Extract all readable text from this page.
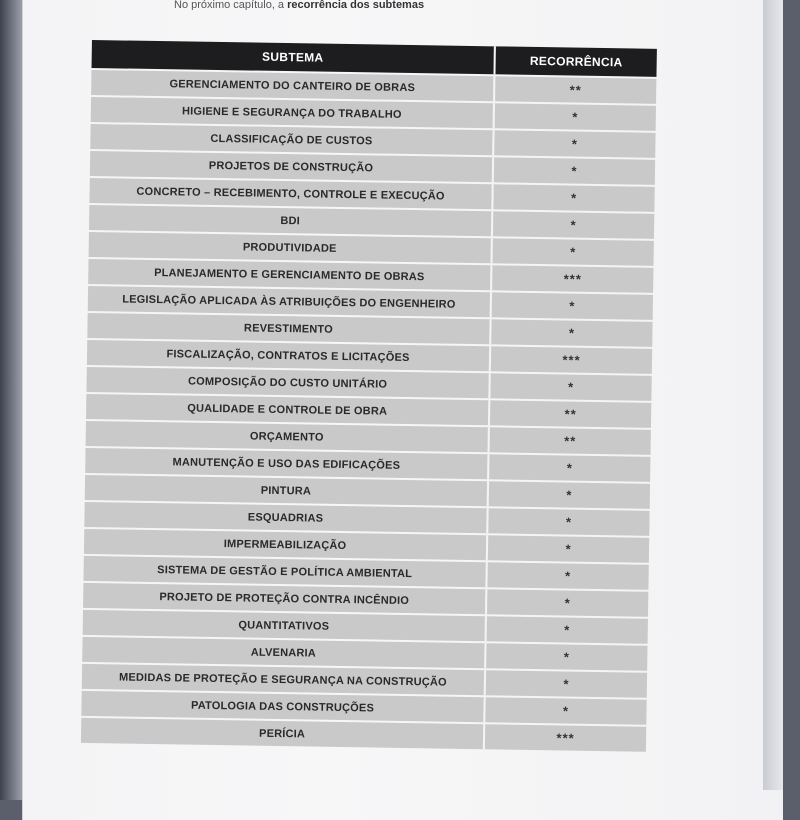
No próximo capítulo, a recorrência dos subtemas
SUBTEMA	RECORRÊNCIA
GERENCIAMENTO DO CANTEIRO DE OBRAS	**
HIGIENE E SEGURANÇA DO TRABALHO	*
CLASSIFICAÇÃO DE CUSTOS	*
PROJETOS DE CONSTRUÇÃO	*
CONCRETO – RECEBIMENTO, CONTROLE E EXECUÇÃO	*
BDI	*
PRODUTIVIDADE	*
PLANEJAMENTO E GERENCIAMENTO DE OBRAS	***
LEGISLAÇÃO APLICADA ÀS ATRIBUIÇÕES DO ENGENHEIRO	*
REVESTIMENTO	*
FISCALIZAÇÃO, CONTRATOS E LICITAÇÕES	***
COMPOSIÇÃO DO CUSTO UNITÁRIO	*
QUALIDADE E CONTROLE DE OBRA	**
ORÇAMENTO	**
MANUTENÇÃO E USO DAS EDIFICAÇÕES	*
PINTURA	*
ESQUADRIAS	*
IMPERMEABILIZAÇÃO	*
SISTEMA DE GESTÃO E POLÍTICA AMBIENTAL	*
PROJETO DE PROTEÇÃO CONTRA INCÊNDIO	*
QUANTITATIVOS	*
ALVENARIA	*
MEDIDAS DE PROTEÇÃO E SEGURANÇA NA CONSTRUÇÃO	*
PATOLOGIA DAS CONSTRUÇÕES	*
PERÍCIA	***
